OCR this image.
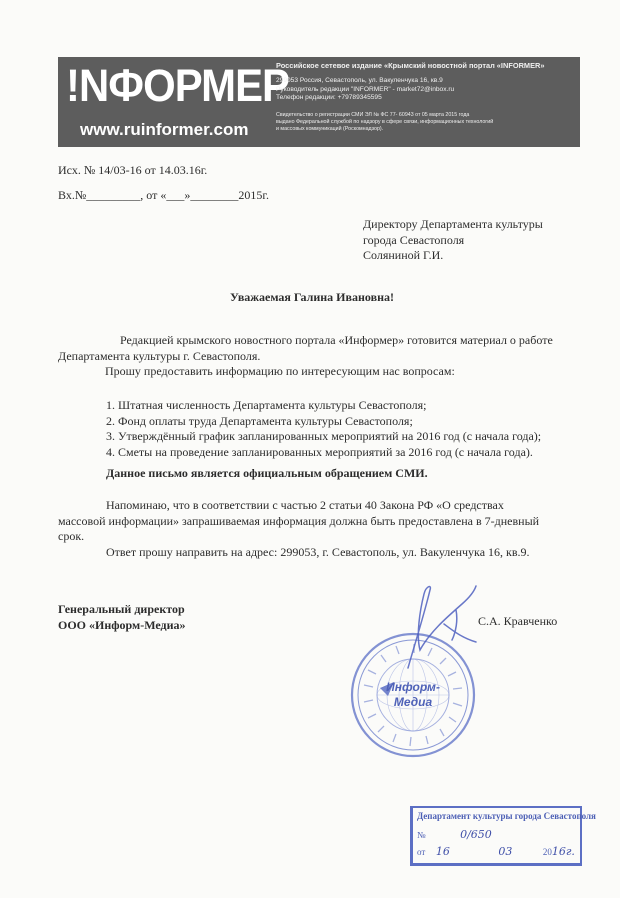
!NФОРМЕР
www.ruinformer.com
Российское сетевое издание «Крымский новостной портал «INFORMER»
299053 Россия, Севастополь, ул. Вакуленчука 16, кв.9
Руководитель редакции "INFORMER" - market72@inbox.ru
Телефон редакции: +79789345595
Свидетельство о регистрации СМИ ЭЛ № ФС 77- 60943 от 05 марта 2015 года
выдано Федеральной службой по надзору в сфере связи, информационных технологий
и массовых коммуникаций (Роскомнадзор).
Исх. № 14/03-16 от 14.03.16г.
Вх.№_________, от «___»________2015г.
Директору Департамента культуры
города Севастополя
Соляниной Г.И.
Уважаемая Галина Ивановна!
Редакцией крымского новостного портала «Информер» готовится материал о работе
Департамента культуры г. Севастополя.
Прошу предоставить информацию по интересующим нас вопросам:
1. Штатная численность Департамента культуры Севастополя;
2. Фонд оплаты труда Департамента культуры Севастополя;
3. Утверждённый график запланированных мероприятий на 2016 год (с начала года);
4. Сметы на проведение запланированных мероприятий за 2016 год (с начала года).
Данное письмо является официальным обращением СМИ.
Напоминаю, что в соответствии с частью 2 статьи 40 Закона РФ «О средствах
массовой информации» запрашиваемая информация должна быть предоставлена в 7-дневный
срок.
Ответ прошу направить на адрес: 299053, г. Севастополь, ул. Вакуленчука 16, кв.9.
Генеральный директор
ООО «Информ-Медиа»	С.А. Кравченко
Информ-
Медиа
Департамент культуры города Севастополя
№	0/650
от 16	03	2016г.
